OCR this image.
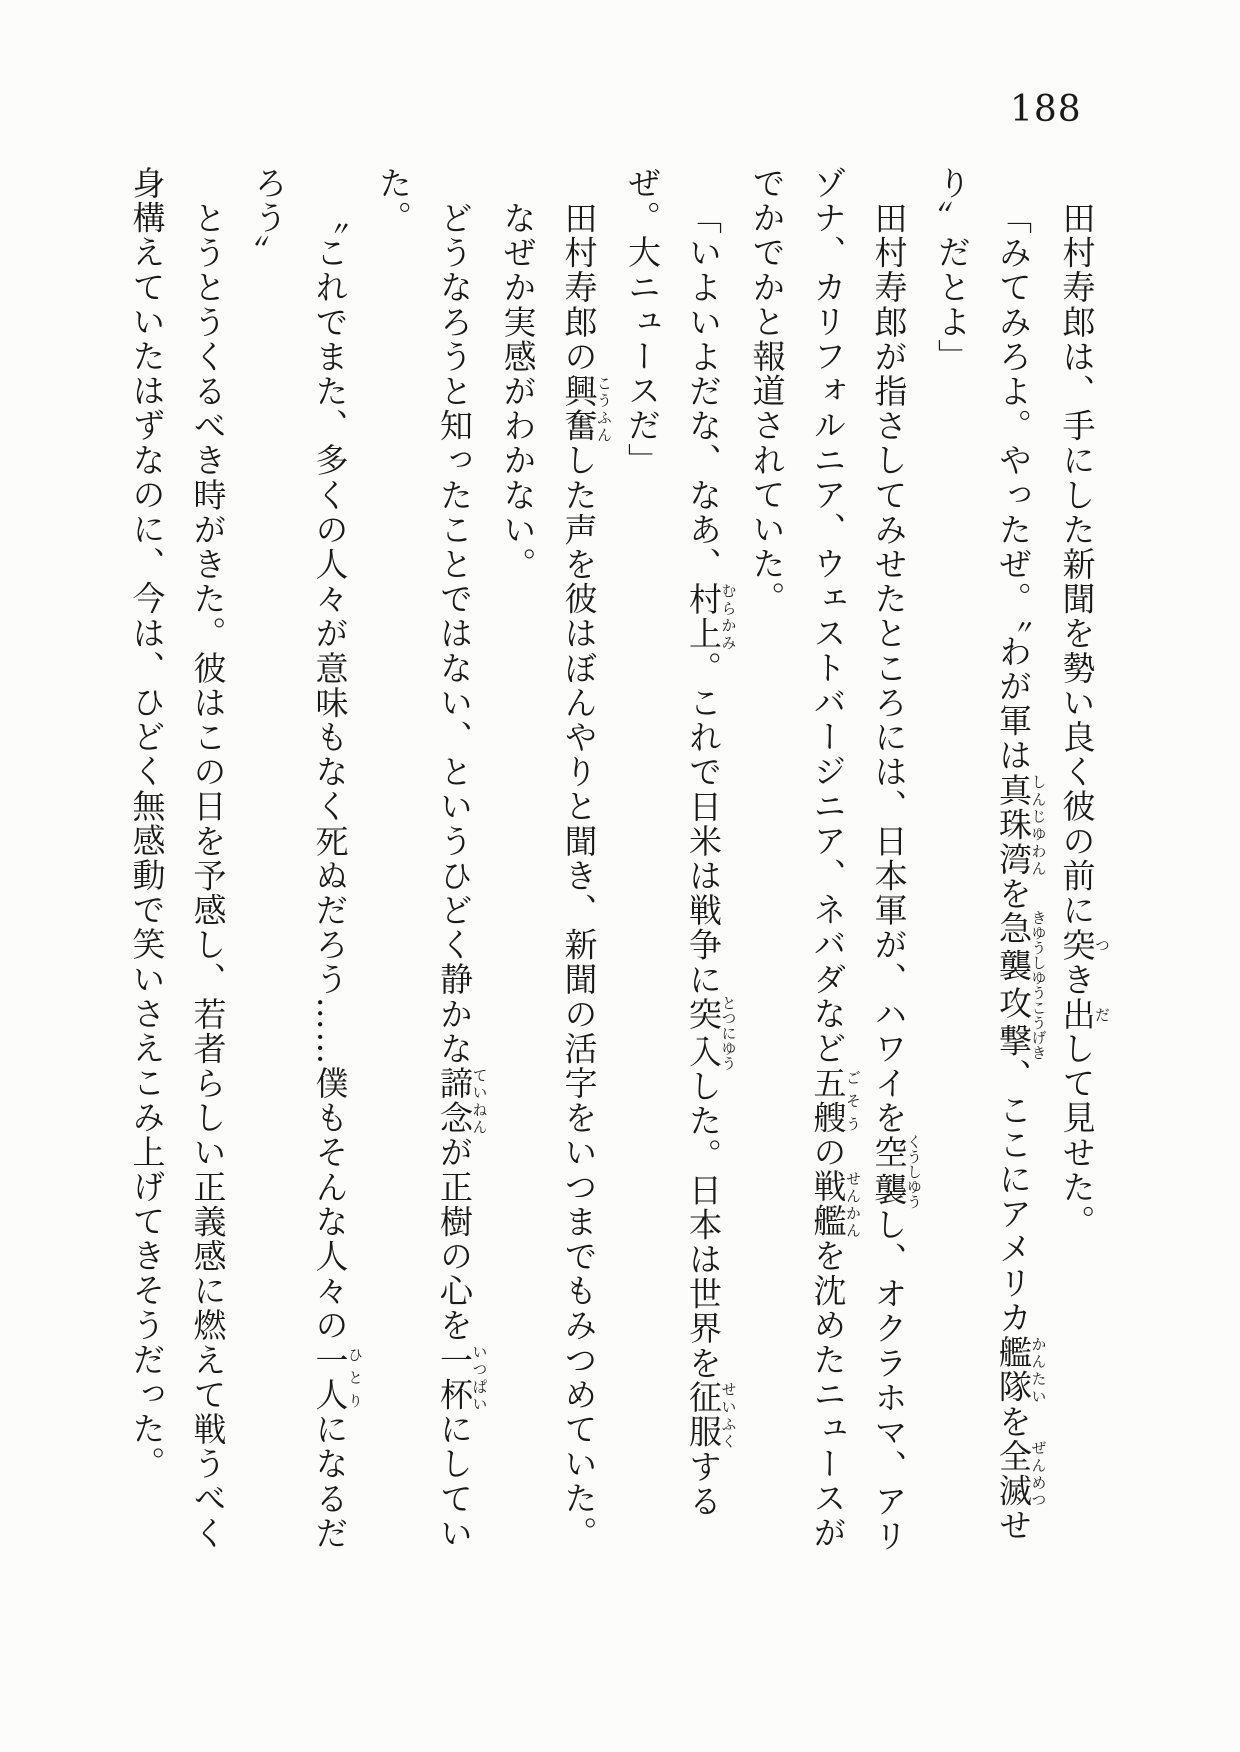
188

田村寿郎は、手にした新聞を勢い良く彼の前に突つき出だして見せた。

「みてみろよ。やったぜ。〝わが軍は真珠湾しんじゆわんを急襲攻撃きゆうしゆうこうげき、ここにアメリカ艦隊かんたいを全滅ぜんめつせり〟だとよ」

田村寿郎が指さしてみせたところには、日本軍が、ハワイを空襲くうしゆうし、オクラホマ、アリゾナ、カリフォルニア、ウェストバージニア、ネバダなど五艘ごそうの戦艦せんかんを沈めたニュースがでかでかと報道されていた。

「いよいよだな、なあ、村上むらかみ。これで日米は戦争に突入とつにゆうした。日本は世界を征服せいふくするぜ。大ニュースだ」

田村寿郎の興奮こうふんした声を彼はぼんやりと聞き、新聞の活字をいつまでもみつめていた。

なぜか実感がわかない。

どうなろうと知ったことではない、というひどく静かな諦念ていねんが正樹の心を一杯いつぱいにしていた。

〝これでまた、多くの人々が意味もなく死ぬだろう……僕もそんな人々の一人ひとりになるだろう〟

とうとうくるべき時がきた。彼はこの日を予感し、若者らしい正義感に燃えて戦うべく身構えていたはずなのに、今は、ひどく無感動で笑いさえこみ上げてきそうだった。
